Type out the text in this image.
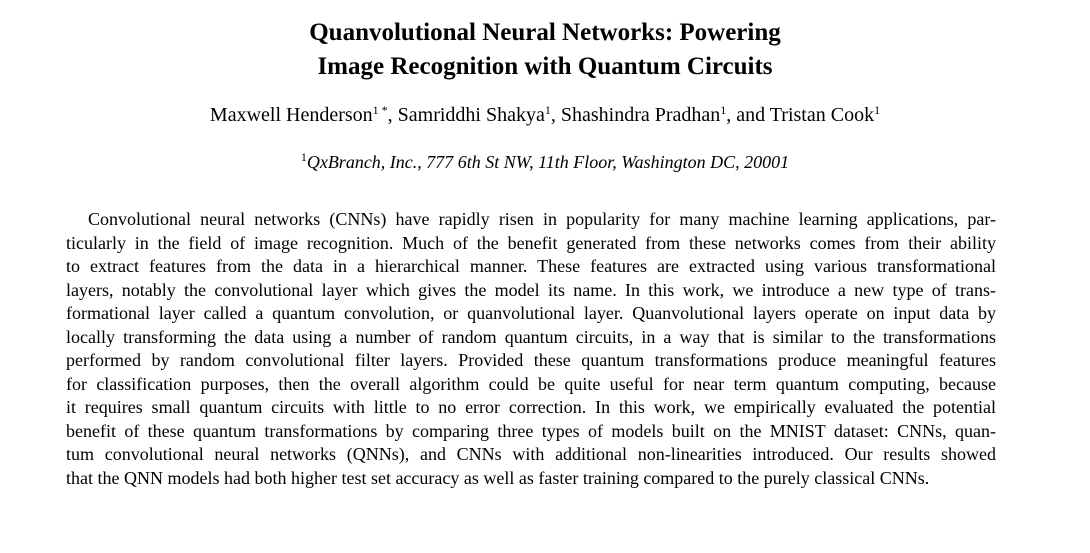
Quanvolutional Neural Networks: Powering
Image Recognition with Quantum Circuits
Maxwell Henderson$^{1 *}$, Samriddhi Shakya$^1$, Shashindra Pradhan$^1$, and Tristan Cook$^1$
$^1$QxBranch, Inc., 777 6th St NW, 11th Floor, Washington DC, 20001
Convolutional neural networks (CNNs) have rapidly risen in popularity for many machine learning applications, par-
ticularly in the field of image recognition. Much of the benefit generated from these networks comes from their ability
to extract features from the data in a hierarchical manner. These features are extracted using various transformational
layers, notably the convolutional layer which gives the model its name. In this work, we introduce a new type of trans-
formational layer called a quantum convolution, or quanvolutional layer. Quanvolutional layers operate on input data by
locally transforming the data using a number of random quantum circuits, in a way that is similar to the transformations
performed by random convolutional filter layers. Provided these quantum transformations produce meaningful features
for classification purposes, then the overall algorithm could be quite useful for near term quantum computing, because
it requires small quantum circuits with little to no error correction. In this work, we empirically evaluated the potential
benefit of these quantum transformations by comparing three types of models built on the MNIST dataset: CNNs, quan-
tum convolutional neural networks (QNNs), and CNNs with additional non-linearities introduced. Our results showed
that the QNN models had both higher test set accuracy as well as faster training compared to the purely classical CNNs.
